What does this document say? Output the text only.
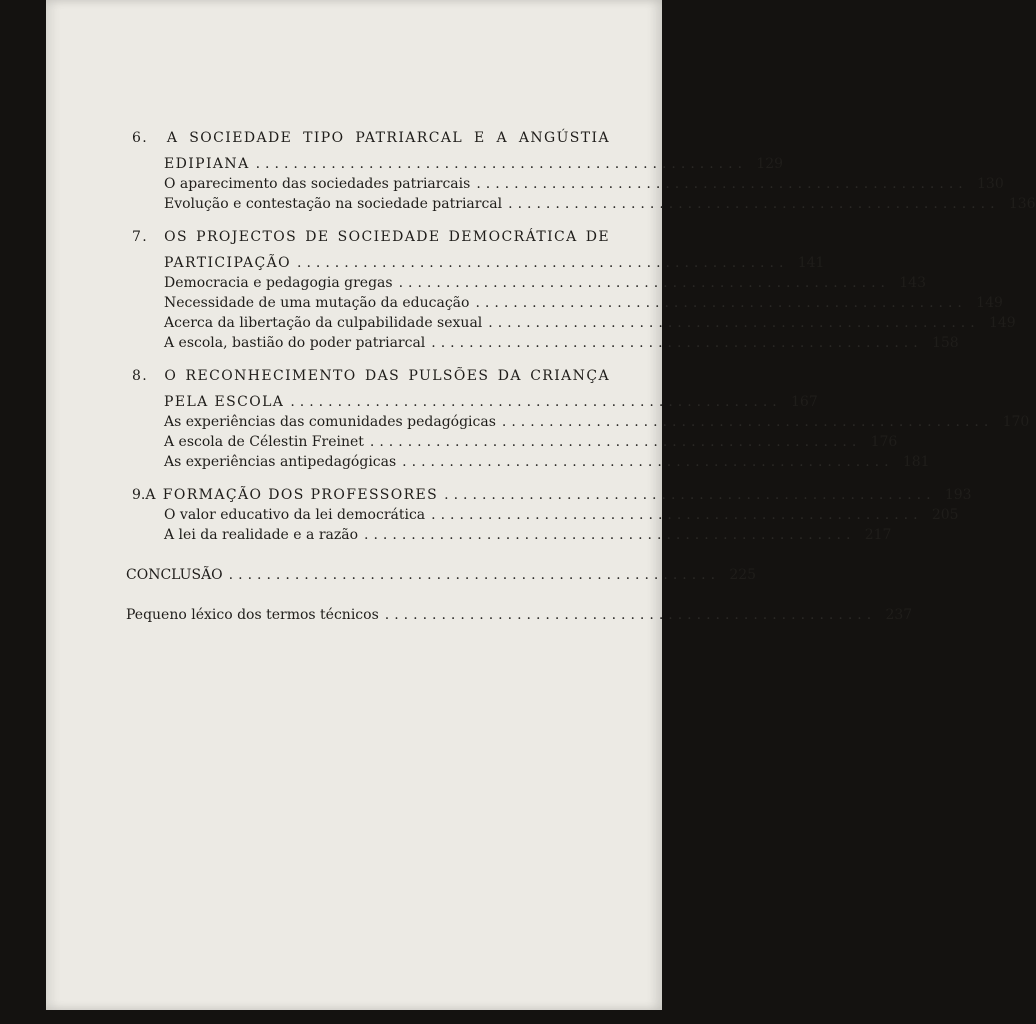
6.	A SOCIEDADE TIPO PATRIARCAL E A ANGÚSTIA
EDIPIANA .................................................... 129
O aparecimento das sociedades patriarcais .................................................... 130
Evolução e contestação na sociedade patriarcal .................................................... 136
7.	OS PROJECTOS DE SOCIEDADE DEMOCRÁTICA DE
PARTICIPAÇÃO .................................................... 141
Democracia e pedagogia gregas .................................................... 143
Necessidade de uma mutação da educação .................................................... 149
Acerca da libertação da culpabilidade sexual .................................................... 149
A escola, bastião do poder patriarcal .................................................... 158
8.	O RECONHECIMENTO DAS PULSÕES DA CRIANÇA
PELA ESCOLA .................................................... 167
As experiências das comunidades pedagógicas .................................................... 170
A escola de Célestin Freinet .................................................... 176
As experiências antipedagógicas .................................................... 181
9. A FORMAÇÃO DOS PROFESSORES .................................................... 193
O valor educativo da lei democrática .................................................... 205
A lei da realidade e a razão .................................................... 217
CONCLUSÃO .................................................... 225
Pequeno léxico dos termos técnicos .................................................... 237
